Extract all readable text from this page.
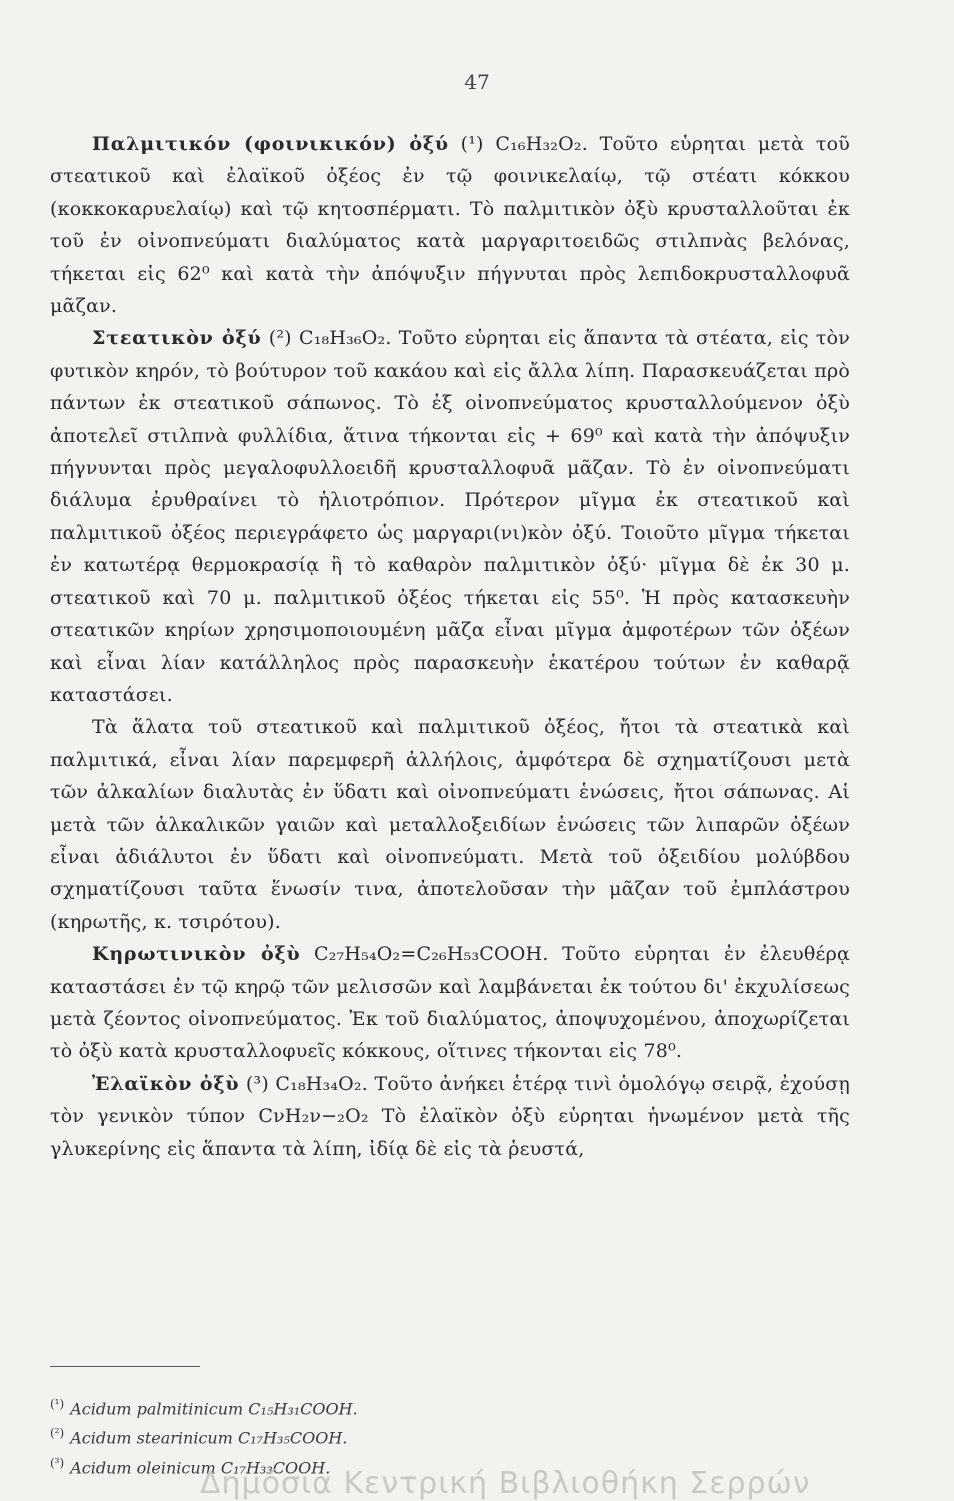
47

Παλμιτικόν (φοινικικόν) ὀξύ (¹) C₁₆H₃₂O₂. Τοῦτο εὑρηται μετὰ τοῦ στεατικοῦ καὶ ἐλαϊκοῦ ὀξέος ἐν τῷ φοινικελαίῳ, τῷ στέατι κόκκου (κοκκοκαρυελαίῳ) καὶ τῷ κητοσπέρματι. Τὸ παλμιτικὸν ὀξὺ κρυσταλλοῦται ἐκ τοῦ ἐν οἰνοπνεύματι διαλύματος κατὰ μαργαριτοειδῶς στιλπνὰς βελόνας, τήκεται εἰς 62⁰ καὶ κατὰ τὴν ἀπόψυξιν πήγνυται πρὸς λεπιδοκρυσταλλοφυᾶ μᾶζαν.

Στεατικὸν ὀξύ (²) C₁₈H₃₆O₂. Τοῦτο εὑρηται εἰς ἅπαντα τὰ στέατα, εἰς τὸν φυτικὸν κηρόν, τὸ βούτυρον τοῦ κακάου καὶ εἰς ἄλλα λίπη. Παρασκευάζεται πρὸ πάντων ἐκ στεατικοῦ σάπωνος. Τὸ ἐξ οἰνοπνεύματος κρυσταλλούμενον ὀξὺ ἀποτελεῖ στιλπνὰ φυλλίδια, ἅτινα τήκονται εἰς + 69⁰ καὶ κατὰ τὴν ἀπόψυξιν πήγνυνται πρὸς μεγαλοφυλλοειδῆ κρυσταλλοφυᾶ μᾶζαν. Τὸ ἐν οἰνοπνεύματι διάλυμα ἐρυθραίνει τὸ ἡλιοτρόπιον. Πρότερον μῖγμα ἐκ στεατικοῦ καὶ παλμιτικοῦ ὀξέος περιεγράφετο ὡς μαργαρι(νι)κὸν ὀξύ. Τοιοῦτο μῖγμα τήκεται ἐν κατωτέρᾳ θερμοκρασίᾳ ἢ τὸ καθαρὸν παλμιτικὸν ὀξύ· μῖγμα δὲ ἐκ 30 μ. στεατικοῦ καὶ 70 μ. παλμιτικοῦ ὀξέος τήκεται εἰς 55⁰. Ἡ πρὸς κατασκευὴν στεατικῶν κηρίων χρησιμοποιουμένη μᾶζα εἶναι μῖγμα ἀμφοτέρων τῶν ὀξέων καὶ εἶναι λίαν κατάλληλος πρὸς παρασκευὴν ἑκατέρου τούτων ἐν καθαρᾷ καταστάσει.

Τὰ ἅλατα τοῦ στεατικοῦ καὶ παλμιτικοῦ ὀξέος, ἤτοι τὰ στεατικὰ καὶ παλμιτικά, εἶναι λίαν παρεμφερῆ ἀλλήλοις, ἀμφότερα δὲ σχηματίζουσι μετὰ τῶν ἀλκαλίων διαλυτὰς ἐν ὕδατι καὶ οἰνοπνεύματι ἑνώσεις, ἤτοι σάπωνας. Αἱ μετὰ τῶν ἀλκαλικῶν γαιῶν καὶ μεταλλοξειδίων ἑνώσεις τῶν λιπαρῶν ὀξέων εἶναι ἀδιάλυτοι ἐν ὕδατι καὶ οἰνοπνεύματι. Μετὰ τοῦ ὀξειδίου μολύβδου σχηματίζουσι ταῦτα ἕνωσίν τινα, ἀποτελοῦσαν τὴν μᾶζαν τοῦ ἐμπλάστρου (κηρωτῆς, κ. τσιρότου).

Κηρωτινικὸν ὀξὺ C₂₇H₅₄O₂=C₂₆H₅₃COOH. Τοῦτο εὑρηται ἐν ἐλευθέρᾳ καταστάσει ἐν τῷ κηρῷ τῶν μελισσῶν καὶ λαμβάνεται ἐκ τούτου δι' ἐκχυλίσεως μετὰ ζέοντος οἰνοπνεύματος. Ἐκ τοῦ διαλύματος, ἀποψυχομένου, ἀποχωρίζεται τὸ ὀξὺ κατὰ κρυσταλλοφυεῖς κόκκους, οἵτινες τήκονται εἰς 78⁰.

Ἐλαϊκὸν ὀξὺ (³) C₁₈H₃₄O₂. Τοῦτο ἀνήκει ἑτέρᾳ τινὶ ὁμολόγῳ σειρᾷ, ἐχούσῃ τὸν γενικὸν τύπον CνH₂ν−₂O₂ Τὸ ἐλαϊκὸν ὀξὺ εὑρηται ἡνωμένον μετὰ τῆς γλυκερίνης εἰς ἅπαντα τὰ λίπη, ἰδίᾳ δὲ εἰς τὰ ῥευστά,

$^{(^1)}$ Acidum palmitinicum C₁₅H₃₁COOH.
$^{(^2)}$ Acidum stearinicum C₁₇H₃₅COOH.
$^{(^3)}$ Acidum oleinicum C₁₇H₃₃COOH.
Δημόσια Κεντρική Βιβλιοθήκη Σερρών
